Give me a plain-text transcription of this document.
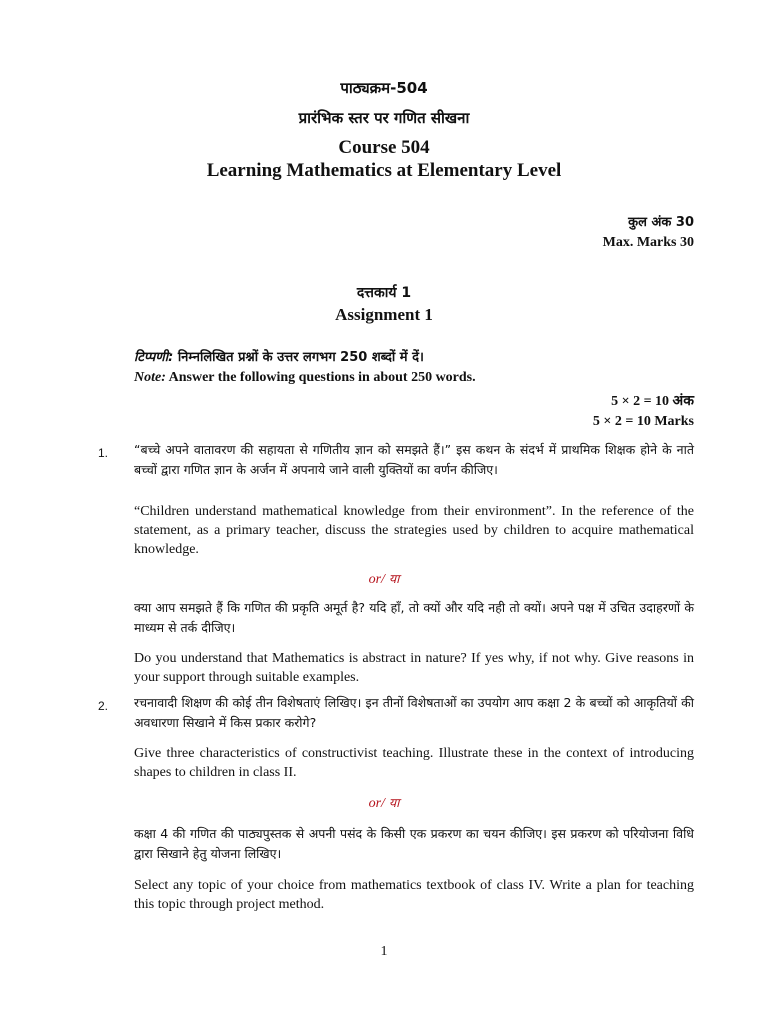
पाठ्यक्रम-504
प्रारंभिक स्तर पर गणित सीखना
Course 504
Learning Mathematics at Elementary Level
कुल अंक 30
Max. Marks 30
दत्तकार्य 1
Assignment 1
टिप्पणी: निम्नलिखित प्रश्नों के उत्तर लगभग 250 शब्दों में दें।
Note: Answer the following questions in about 250 words.
5 × 2 = 10 अंक
5 × 2 = 10 Marks
1. “बच्चे अपने वातावरण की सहायता से गणितीय ज्ञान को समझते हैं।” इस कथन के संदर्भ में प्राथमिक शिक्षक होने के नाते बच्चों द्वारा गणित ज्ञान के अर्जन में अपनाये जाने वाली युक्तियों का वर्णन कीजिए।
“Children understand mathematical knowledge from their environment”. In the reference of the statement, as a primary teacher, discuss the strategies used by children to acquire mathematical knowledge.
or/ या
क्या आप समझते हैं कि गणित की प्रकृति अमूर्त है? यदि हाँ, तो क्यों और यदि नही तो क्यों। अपने पक्ष में उचित उदाहरणों के माध्यम से तर्क दीजिए।
Do you understand that Mathematics is abstract in nature? If yes why, if not why. Give reasons in your support through suitable examples.
2. रचनावादी शिक्षण की कोई तीन विशेषताएं लिखिए। इन तीनों विशेषताओं का उपयोग आप कक्षा 2 के बच्चों को आकृतियों की अवधारणा सिखाने में किस प्रकार करोगे?
Give three characteristics of constructivist teaching. Illustrate these in the context of introducing shapes to children in class II.
or/ या
कक्षा 4 की गणित की पाठ्यपुस्तक से अपनी पसंद के किसी एक प्रकरण का चयन कीजिए। इस प्रकरण को परियोजना विधि द्वारा सिखाने हेतु योजना लिखिए।
Select any topic of your choice from mathematics textbook of class IV. Write a plan for teaching this topic through project method.
1
